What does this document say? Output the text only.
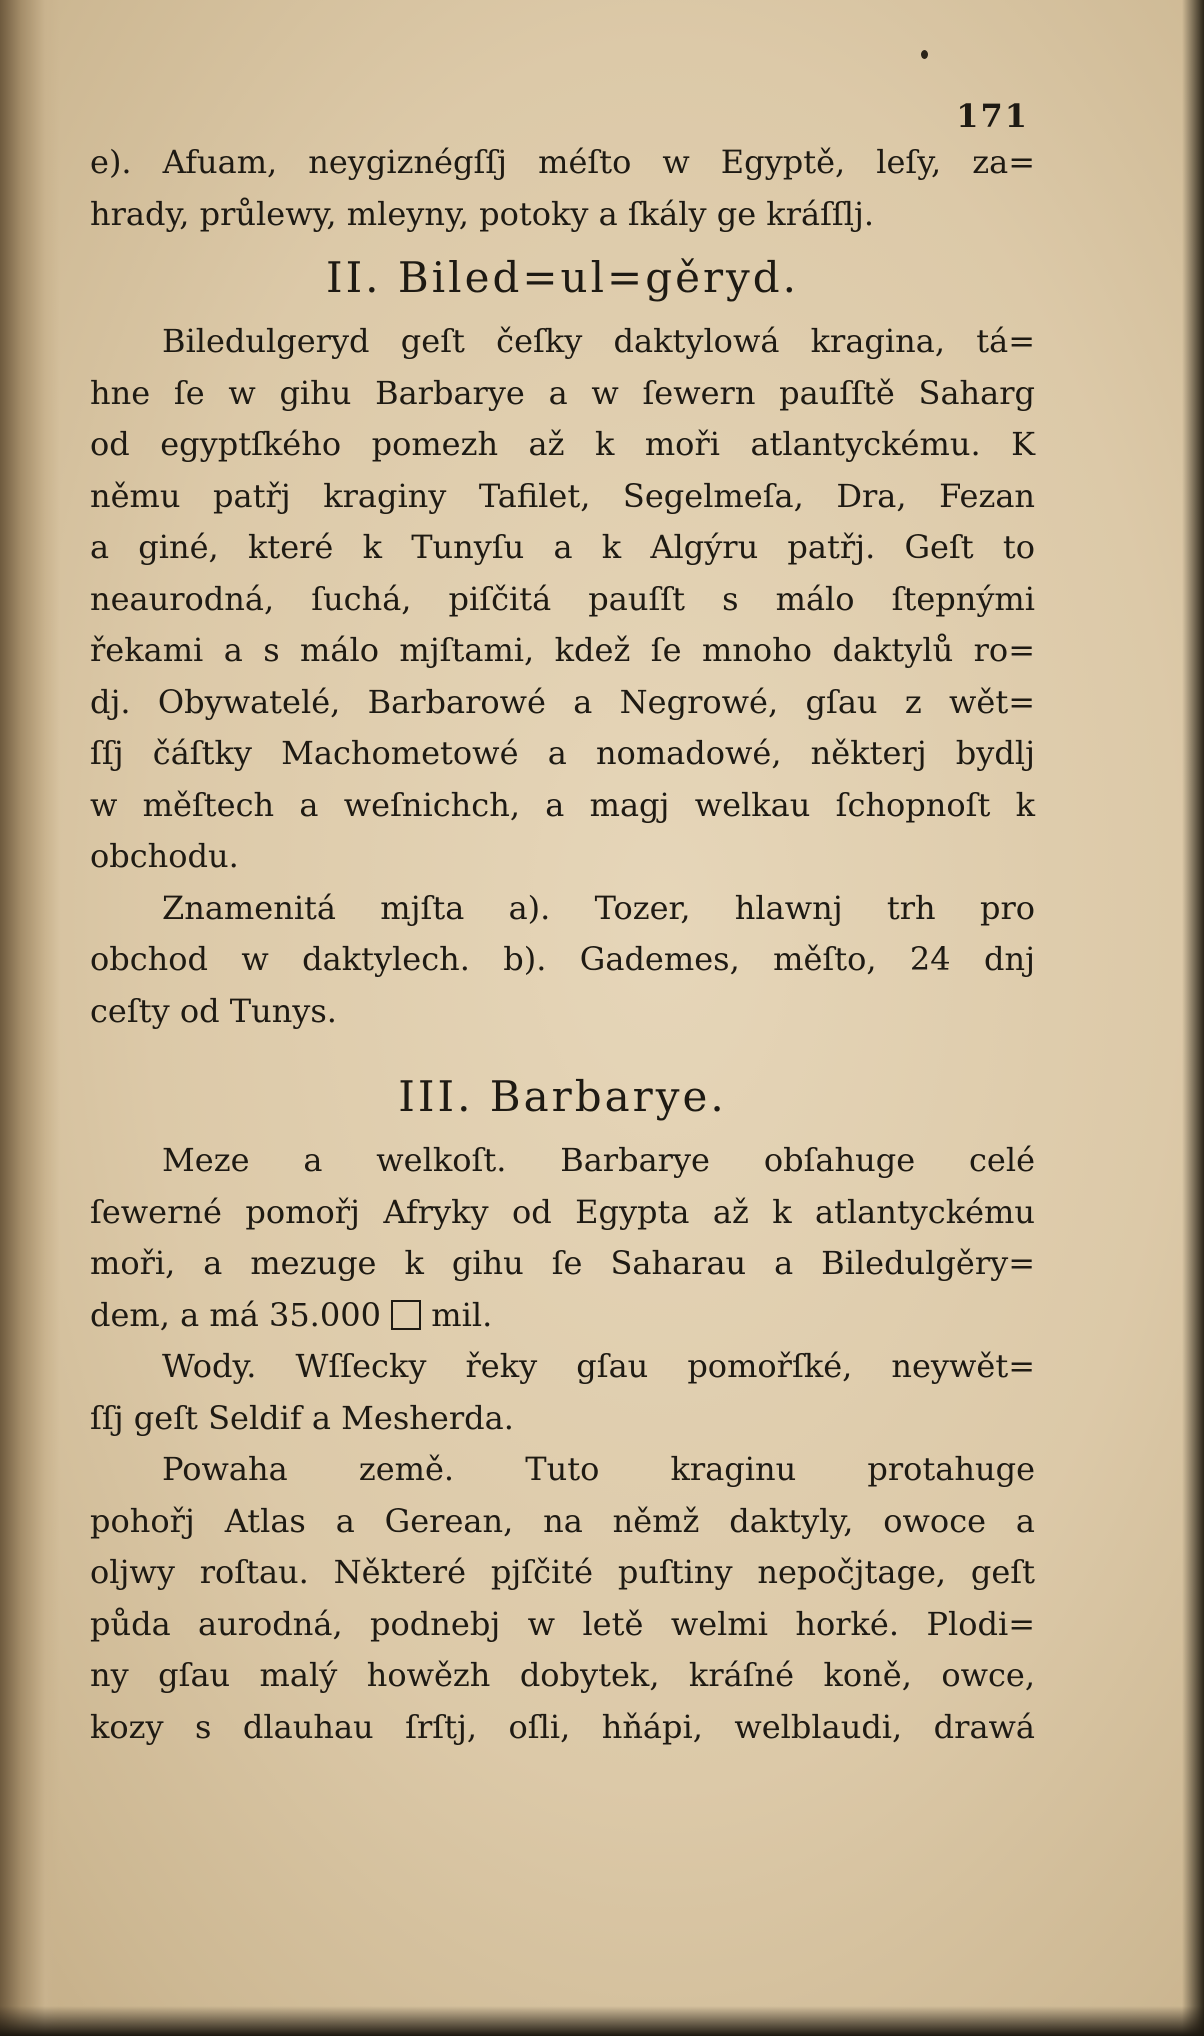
171
e). Afuam, neygiznégſſj méſto w Egyptě, leſy, za=
hrady, průlewy, mleyny, potoky a ſkály ge kráſſlj.
II. Biled=ul=gěryd.
Biledulgeryd geſt čeſky daktylowá kragina, tá=
hne ſe w gihu Barbarye a w ſewern pauſſtě Saharg
od egyptſkého pomezh až k moři atlantyckému. K
němu patřj kraginy Tafilet, Segelmeſa, Dra, Fezan
a giné, které k Tunyſu a k Algýru patřj. Geſt to
neaurodná, ſuchá, piſčitá pauſſt s málo ſtepnými
řekami a s málo mjſtami, kdež ſe mnoho daktylů ro=
dj. Obywatelé, Barbarowé a Negrowé, gſau z wět=
ſſj čáſtky Machometowé a nomadowé, některj bydlj
w měſtech a weſnichch, a magj welkau ſchopnoſt k
obchodu.
Znamenitá mjſta a). Tozer, hlawnj trh pro
obchod w daktylech. b). Gademes, měſto, 24 dnj
ceſty od Tunys.
III. Barbarye.
Meze a welkoſt. Barbarye obſahuge celé
ſewerné pomořj Afryky od Egypta až k atlantyckému
moři, a mezuge k gihu ſe Saharau a Biledulgěry=
dem, a má 35.000 mil.
Wody. Wſſecky řeky gſau pomořſké, neywět=
ſſj geſt Seldif a Mesherda.
Powaha země. Tuto kraginu protahuge
pohořj Atlas a Gerean, na němž daktyly, owoce a
oljwy roſtau. Některé pjſčité puſtiny nepočjtage, geſt
půda aurodná, podnebj w letě welmi horké. Plodi=
ny gſau malý howězh dobytek, kráſné koně, owce,
kozy s dlauhau ſrſtj, oſli, hňápi, welblaudi, drawá
